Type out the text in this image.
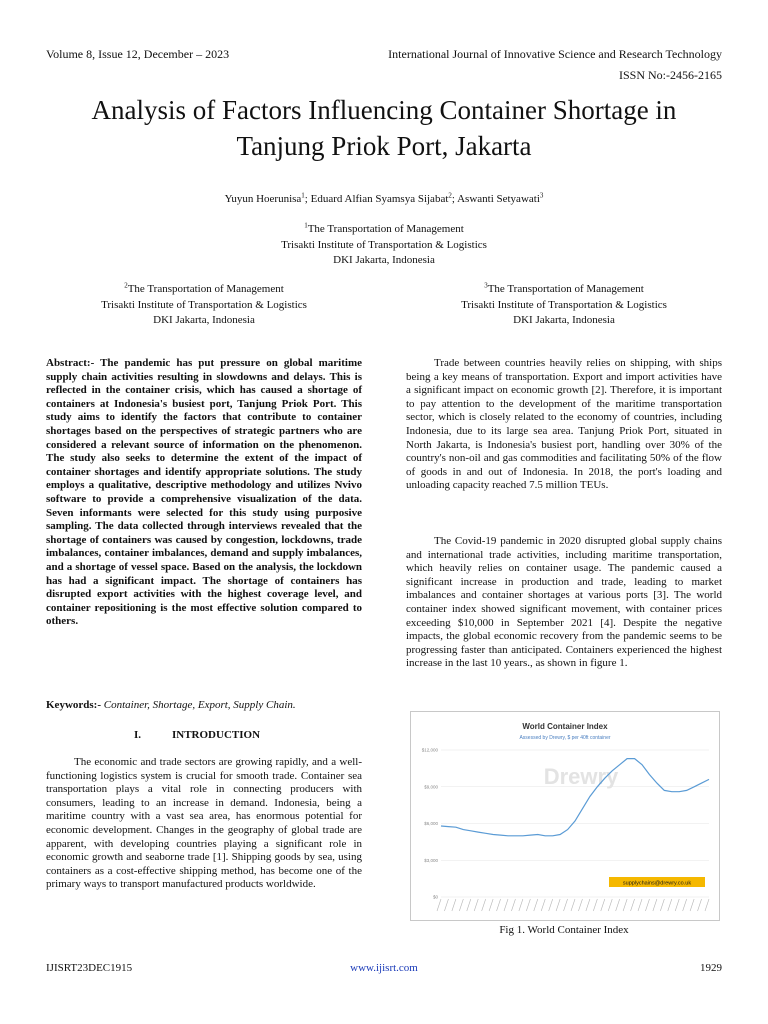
Volume 8, Issue 12, December – 2023	International Journal of Innovative Science and Research Technology
ISSN No:-2456-2165
Analysis of Factors Influencing Container Shortage in
Tanjung Priok Port, Jakarta
Yuyun Hoerunisa$^1$; Eduard Alfian Syamsya Sijabat$^2$; Aswanti Setyawati$^3$
$^1$The Transportation of Management
Trisakti Institute of Transportation & Logistics
DKI Jakarta, Indonesia
$^2$The Transportation of Management
Trisakti Institute of Transportation & Logistics
DKI Jakarta, Indonesia
$^3$The Transportation of Management
Trisakti Institute of Transportation & Logistics
DKI Jakarta, Indonesia
Abstract:- The pandemic has put pressure on global maritime supply chain activities resulting in slowdowns and delays. This is reflected in the container crisis, which has caused a shortage of containers at Indonesia's busiest port, Tanjung Priok Port. This study aims to identify the factors that contribute to container shortages based on the perspectives of strategic partners who are considered a relevant source of information on the phenomenon. The study also seeks to determine the extent of the impact of container shortages and identify appropriate solutions. The study employs a qualitative, descriptive methodology and utilizes Nvivo software to provide a comprehensive visualization of the data. Seven informants were selected for this study using purposive sampling. The data collected through interviews revealed that the shortage of containers was caused by congestion, lockdowns, trade imbalances, container imbalances, demand and supply imbalances, and a shortage of vessel space. Based on the analysis, the lockdown has had a significant impact. The shortage of containers has disrupted export activities with the highest coverage level, and container repositioning is the most effective solution compared to others.
Keywords:- Container, Shortage, Export, Supply Chain.
I.	INTRODUCTION
The economic and trade sectors are growing rapidly, and a well-functioning logistics system is crucial for smooth trade. Container sea transportation plays a vital role in connecting producers with consumers, leading to an increase in demand. Indonesia, being a maritime country with a vast sea area, has enormous potential for economic development. Changes in the geography of global trade are apparent, with developing countries playing a significant role in economic growth and seaborne trade [1]. Shipping goods by sea, using containers as a cost-effective shipping method, has become one of the primary ways to transport manufactured products worldwide.
Trade between countries heavily relies on shipping, with ships being a key means of transportation. Export and import activities have a significant impact on economic growth [2]. Therefore, it is important to pay attention to the development of the maritime transportation sector, which is closely related to the economy of countries, including Indonesia, due to its large sea area. Tanjung Priok Port, situated in North Jakarta, is Indonesia's busiest port, handling over 30% of the country's non-oil and gas commodities and facilitating 50% of the flow of goods in and out of Indonesia. In 2018, the port's loading and unloading capacity reached 7.5 million TEUs.
The Covid-19 pandemic in 2020 disrupted global supply chains and international trade activities, including maritime transportation, which heavily relies on container usage. The pandemic caused a significant increase in production and trade, leading to market imbalances and container shortages at various ports [3]. The world container index showed significant movement, with container prices exceeding $10,000 in September 2021 [4]. Despite the negative impacts, the global economic recovery from the pandemic seems to be progressing faster than anticipated. Containers experienced the highest increase in the last 10 years., as shown in figure 1.
World Container Index
Assessed by Drewry, $ per 40ft container
Drewry
$0
$3,000
$6,000
$9,000
$12,000
supplychains@drewry.co.uk
Fig 1. World Container Index
IJISRT23DEC1915	www.ijisrt.com	1929
